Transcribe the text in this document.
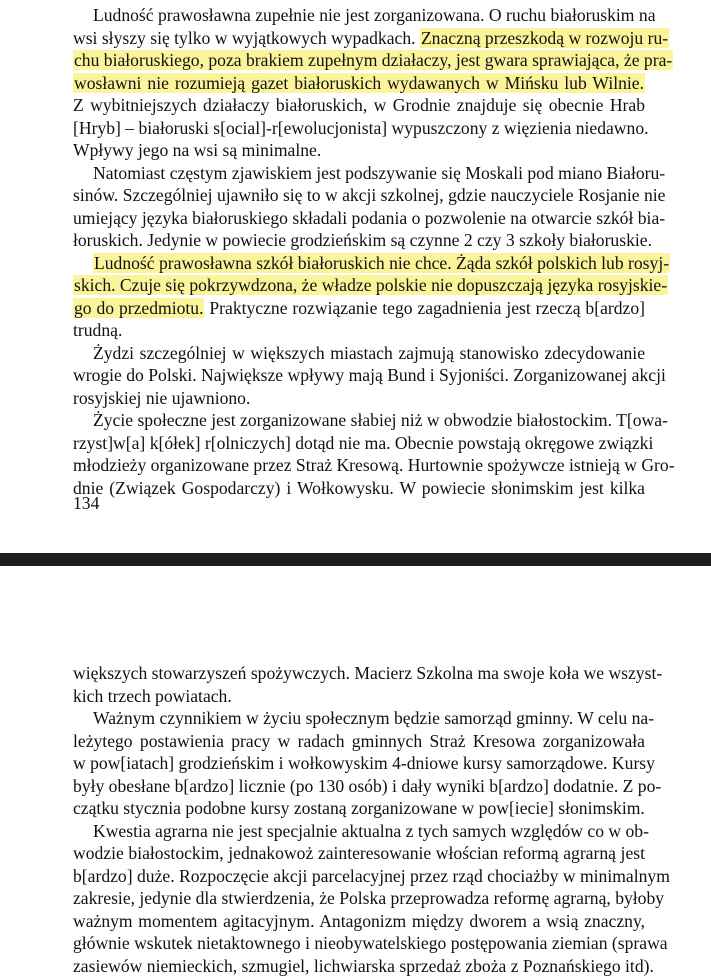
Ludność prawosławna zupełnie nie jest zorganizowana. O ruchu białoruskim na
wsi słyszy się tylko w wyjątkowych wypadkach. Znaczną przeszkodą w rozwoju ru-
chu białoruskiego, poza brakiem zupełnym działaczy, jest gwara sprawiająca, że pra-
wosławni nie rozumieją gazet białoruskich wydawanych w Mińsku lub Wilnie.
Z wybitniejszych działaczy białoruskich, w Grodnie znajduje się obecnie Hrab
[Hryb] – białoruski s[ocial]-r[ewolucjonista] wypuszczony z więzienia niedawno.
Wpływy jego na wsi są minimalne.
Natomiast częstym zjawiskiem jest podszywanie się Moskali pod miano Białoru-
sinów. Szczególniej ujawniło się to w akcji szkolnej, gdzie nauczyciele Rosjanie nie
umiejący języka białoruskiego składali podania o pozwolenie na otwarcie szkół bia-
łoruskich. Jedynie w powiecie grodzieńskim są czynne 2 czy 3 szkoły białoruskie.
Ludność prawosławna szkół białoruskich nie chce. Żąda szkół polskich lub rosyj-
skich. Czuje się pokrzywdzona, że władze polskie nie dopuszczają języka rosyjskie-
go do przedmiotu. Praktyczne rozwiązanie tego zagadnienia jest rzeczą b[ardzo]
trudną.
Żydzi szczególniej w większych miastach zajmują stanowisko zdecydowanie
wrogie do Polski. Największe wpływy mają Bund i Syjoniści. Zorganizowanej akcji
rosyjskiej nie ujawniono.
Życie społeczne jest zorganizowane słabiej niż w obwodzie białostockim. T[owa-
rzyst]w[a] k[ółek] r[olniczych] dotąd nie ma. Obecnie powstają okręgowe związki
młodzieży organizowane przez Straż Kresową. Hurtownie spożywcze istnieją w Gro-
dnie (Związek Gospodarczy) i Wołkowysku. W powiecie słonimskim jest kilka
134
większych stowarzyszeń spożywczych. Macierz Szkolna ma swoje koła we wszyst-
kich trzech powiatach.
Ważnym czynnikiem w życiu społecznym będzie samorząd gminny. W celu na-
leżytego postawienia pracy w radach gminnych Straż Kresowa zorganizowała
w pow[iatach] grodzieńskim i wołkowyskim 4-dniowe kursy samorządowe. Kursy
były obesłane b[ardzo] licznie (po 130 osób) i dały wyniki b[ardzo] dodatnie. Z po-
czątku stycznia podobne kursy zostaną zorganizowane w pow[iecie] słonimskim.
Kwestia agrarna nie jest specjalnie aktualna z tych samych względów co w ob-
wodzie białostockim, jednakowoż zainteresowanie włościan reformą agrarną jest
b[ardzo] duże. Rozpoczęcie akcji parcelacyjnej przez rząd chociażby w minimalnym
zakresie, jedynie dla stwierdzenia, że Polska przeprowadza reformę agrarną, byłoby
ważnym momentem agitacyjnym. Antagonizm między dworem a wsią znaczny,
głównie wskutek nietaktownego i nieobywatelskiego postępowania ziemian (sprawa
zasiewów niemieckich, szmugiel, lichwiarska sprzedaż zboża z Poznańskiego itd).
